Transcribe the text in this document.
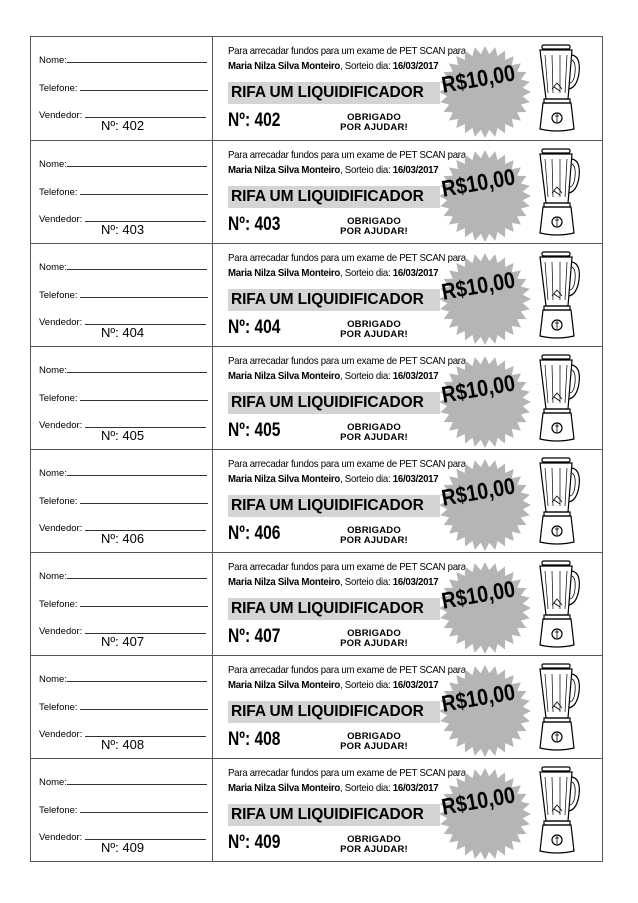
Nome:
Telefone:
Vendedor:
Nº: 402
Para arrecadar fundos para um exame de PET SCAN para
Maria Nilza Silva Monteiro, Sorteio dia: 16/03/2017
RIFA UM LIQUIDIFICADOR
Nº: 402	OBRIGADO
POR AJUDAR!
R$10,00
Nome:
Telefone:
Vendedor:
Nº: 403
Para arrecadar fundos para um exame de PET SCAN para
Maria Nilza Silva Monteiro, Sorteio dia: 16/03/2017
RIFA UM LIQUIDIFICADOR
Nº: 403	OBRIGADO
POR AJUDAR!
R$10,00
Nome:
Telefone:
Vendedor:
Nº: 404
Para arrecadar fundos para um exame de PET SCAN para
Maria Nilza Silva Monteiro, Sorteio dia: 16/03/2017
RIFA UM LIQUIDIFICADOR
Nº: 404	OBRIGADO
POR AJUDAR!
R$10,00
Nome:
Telefone:
Vendedor:
Nº: 405
Para arrecadar fundos para um exame de PET SCAN para
Maria Nilza Silva Monteiro, Sorteio dia: 16/03/2017
RIFA UM LIQUIDIFICADOR
Nº: 405	OBRIGADO
POR AJUDAR!
R$10,00
Nome:
Telefone:
Vendedor:
Nº: 406
Para arrecadar fundos para um exame de PET SCAN para
Maria Nilza Silva Monteiro, Sorteio dia: 16/03/2017
RIFA UM LIQUIDIFICADOR
Nº: 406	OBRIGADO
POR AJUDAR!
R$10,00
Nome:
Telefone:
Vendedor:
Nº: 407
Para arrecadar fundos para um exame de PET SCAN para
Maria Nilza Silva Monteiro, Sorteio dia: 16/03/2017
RIFA UM LIQUIDIFICADOR
Nº: 407	OBRIGADO
POR AJUDAR!
R$10,00
Nome:
Telefone:
Vendedor:
Nº: 408
Para arrecadar fundos para um exame de PET SCAN para
Maria Nilza Silva Monteiro, Sorteio dia: 16/03/2017
RIFA UM LIQUIDIFICADOR
Nº: 408	OBRIGADO
POR AJUDAR!
R$10,00
Nome:
Telefone:
Vendedor:
Nº: 409
Para arrecadar fundos para um exame de PET SCAN para
Maria Nilza Silva Monteiro, Sorteio dia: 16/03/2017
RIFA UM LIQUIDIFICADOR
Nº: 409	OBRIGADO
POR AJUDAR!
R$10,00
